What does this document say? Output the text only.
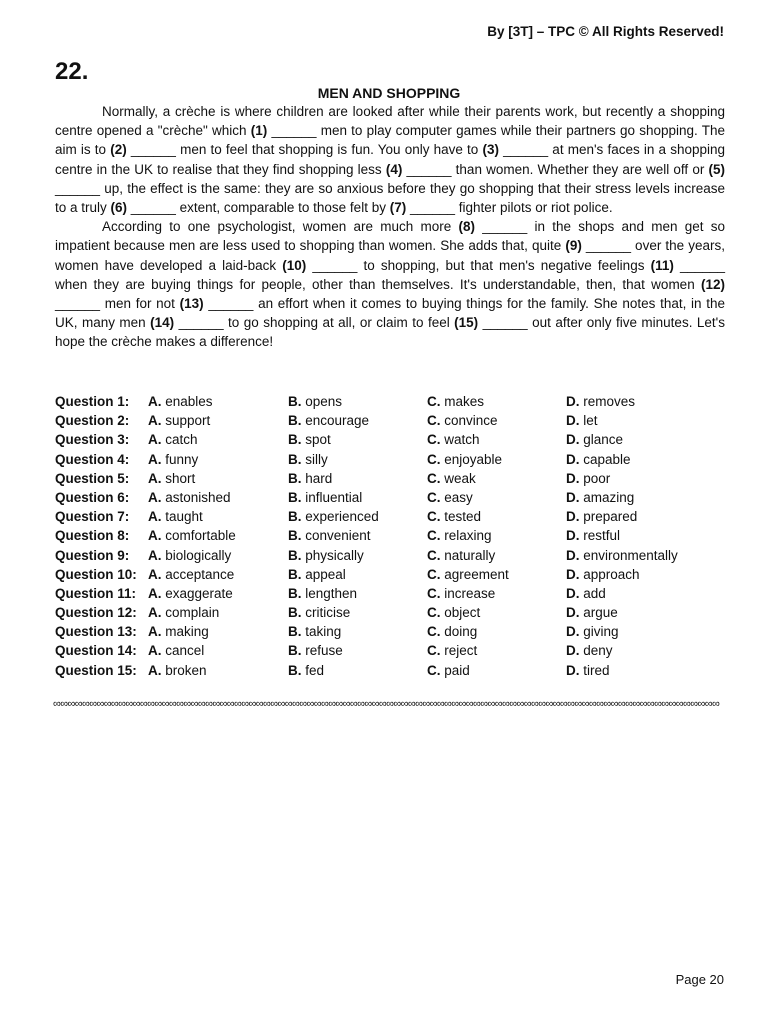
By [3T] – TPC © All Rights Reserved!
22.
MEN AND SHOPPING

Normally, a crèche is where children are looked after while their parents work, but recently a shopping centre opened a "crèche" which (1) ______ men to play computer games while their partners go shopping. The aim is to (2) ______ men to feel that shopping is fun. You only have to (3) ______ at men's faces in a shopping centre in the UK to realise that they find shopping less (4) ______ than women. Whether they are well off or (5) ______ up, the effect is the same: they are so anxious before they go shopping that their stress levels increase to a truly (6) ______ extent, comparable to those felt by (7) ______ fighter pilots or riot police.

According to one psychologist, women are much more (8) ______ in the shops and men get so impatient because men are less used to shopping than women. She adds that, quite (9) ______ over the years, women have developed a laid-back (10) ______ to shopping, but that men's negative feelings (11) ______ when they are buying things for people, other than themselves. It's understandable, then, that women (12) ______ men for not (13) ______ an effort when it comes to buying things for the family. She notes that, in the UK, many men (14) ______ to go shopping at all, or claim to feel (15) ______ out after only five minutes. Let's hope the crèche makes a difference!

Question 1: A. enables	B. opens	C. makes	D. removes
Question 2: A. support	B. encourage	C. convince	D. let
Question 3: A. catch	B. spot	C. watch	D. glance
Question 4: A. funny	B. silly	C. enjoyable	D. capable
Question 5: A. short	B. hard	C. weak	D. poor
Question 6: A. astonished	B. influential	C. easy	D. amazing
Question 7: A. taught	B. experienced	C. tested	D. prepared
Question 8: A. comfortable	B. convenient	C. relaxing	D. restful
Question 9: A. biologically	B. physically	C. naturally	D. environmentally
Question 10: A. acceptance	B. appeal	C. agreement	D. approach
Question 11: A. exaggerate	B. lengthen	C. increase	D. add
Question 12: A. complain	B. criticise	C. object	D. argue
Question 13: A. making	B. taking	C. doing	D. giving
Question 14: A. cancel	B. refuse	C. reject	D. deny
Question 15: A. broken	B. fed	C. paid	D. tired
∞∞∞∞∞∞∞∞∞∞∞∞∞∞∞∞∞∞∞∞∞∞∞∞∞∞∞∞∞∞∞∞∞∞∞∞∞∞∞∞∞∞∞∞∞∞∞∞∞∞∞∞∞∞∞∞∞∞∞∞∞∞∞∞∞∞∞∞∞∞∞∞∞∞∞∞∞∞∞∞∞∞∞∞∞∞∞∞∞∞∞∞
Page 20
